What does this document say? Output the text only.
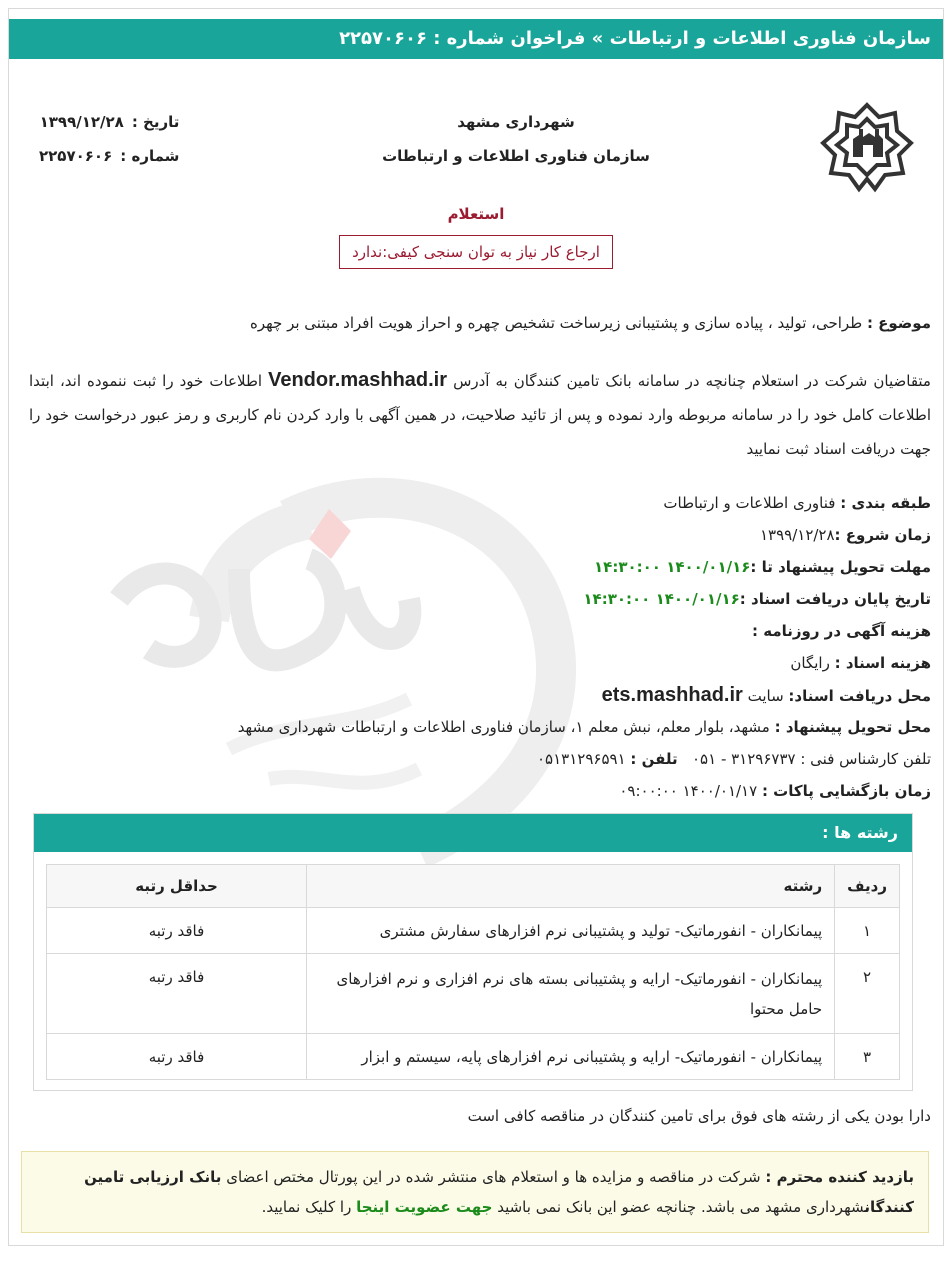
سازمان فناوری اطلاعات و ارتباطات » فراخوان شماره : ۲۲۵۷۰۶۰۶
شهرداری مشهد
سازمان فناوری اطلاعات و ارتباطات
تاریخ :
۱۳۹۹/۱۲/۲۸
شماره :
۲۲۵۷۰۶۰۶
استعلام
ارجاع کار نیاز به توان سنجی کیفی:ندارد
موضوع : طراحی، تولید ، پیاده سازی و پشتیبانی زیرساخت تشخیص چهره و احراز هویت افراد مبتنی بر چهره
متقاضیان شرکت در استعلام چنانچه در سامانه بانک تامین کنندگان به آدرس Vendor.mashhad.ir اطلاعات خود را ثبت ننموده اند، ابتدا اطلاعات کامل خود را در سامانه مربوطه وارد نموده و پس از تائید صلاحیت، در همین آگهی با وارد کردن نام کاربری و رمز عبور درخواست خود را جهت دریافت اسناد ثبت نمایید
طبقه بندی : فناوری اطلاعات و ارتباطات
زمان شروع :۱۳۹۹/۱۲/۲۸
مهلت تحویل پیشنهاد تا :۱۴۰۰/۰۱/۱۶ ۱۴:۳۰:۰۰
تاریخ پایان دریافت اسناد :۱۴۰۰/۰۱/۱۶ ۱۴:۳۰:۰۰
هزینه آگهی در روزنامه :
هزینه اسناد : رایگان
محل دریافت اسناد: سایت ets.mashhad.ir
محل تحویل پیشنهاد : مشهد، بلوار معلم، نبش معلم ۱، سازمان فناوری اطلاعات و ارتباطات شهرداری مشهد
تلفن کارشناس فنی : ۳۱۲۹۶۷۳۷ - ۰۵۱   تلفن : ۰۵۱۳۱۲۹۶۵۹۱
زمان بازگشایی پاکات : ۱۴۰۰/۰۱/۱۷ ۰۹:۰۰:۰۰
رشته ها :
ردیف	رشته	حداقل رتبه
۱	پیمانکاران - انفورماتیک- تولید و پشتیبانی نرم افزارهای سفارش مشتری	فاقد رتبه
۲	پیمانکاران - انفورماتیک- ارایه و پشتیبانی بسته های نرم افزاری و نرم افزارهای حامل محتوا	فاقد رتبه
۳	پیمانکاران - انفورماتیک- ارایه و پشتیبانی نرم افزارهای پایه، سیستم و ابزار	فاقد رتبه
دارا بودن یکی از رشته های فوق برای تامین کنندگان در مناقصه کافی است
بازدید کننده محترم : شرکت در مناقصه و مزایده ها و استعلام های منتشر شده در این پورتال مختص اعضای بانک ارزیابی تامین کنندگانشهرداری مشهد می باشد. چنانچه عضو این بانک نمی باشید جهت عضویت اینجا را کلیک نمایید.
